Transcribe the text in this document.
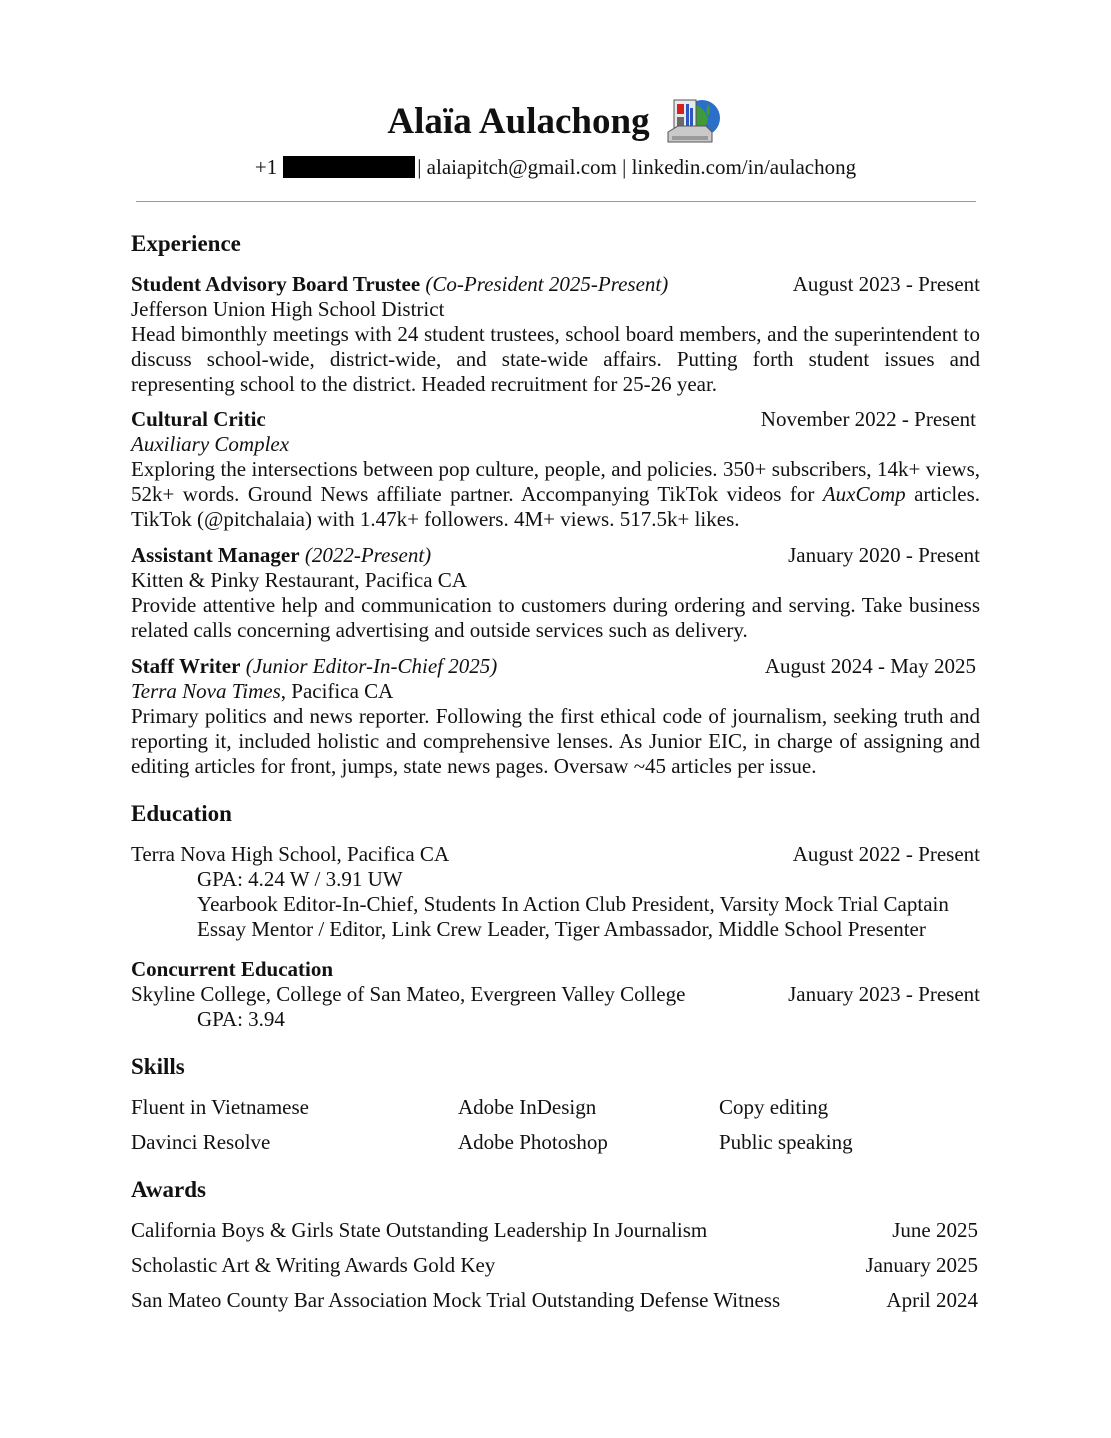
Alaïa Aulachong
+1	| alaiapitch@gmail.com | linkedin.com/in/aulachong
Experience
Student Advisory Board Trustee (Co-President 2025-Present)	August 2023 - Present
Jefferson Union High School District
Head bimonthly meetings with 24 student trustees, school board members, and the superintendent to discuss school-wide, district-wide, and state-wide affairs. Putting forth student issues and representing school to the district. Headed recruitment for 25-26 year.
Cultural Critic	November 2022 - Present
Auxiliary Complex
Exploring the intersections between pop culture, people, and policies. 350+ subscribers, 14k+ views, 52k+ words. Ground News affiliate partner. Accompanying TikTok videos for AuxComp articles. TikTok (@pitchalaia) with 1.47k+ followers. 4M+ views. 517.5k+ likes.
Assistant Manager (2022-Present)	January 2020 - Present
Kitten & Pinky Restaurant, Pacifica CA
Provide attentive help and communication to customers during ordering and serving. Take business related calls concerning advertising and outside services such as delivery.
Staff Writer (Junior Editor-In-Chief 2025)	August 2024 - May 2025
Terra Nova Times, Pacifica CA
Primary politics and news reporter. Following the first ethical code of journalism, seeking truth and reporting it, included holistic and comprehensive lenses. As Junior EIC, in charge of assigning and editing articles for front, jumps, state news pages. Oversaw ~45 articles per issue.
Education
Terra Nova High School, Pacifica CA	August 2022 - Present
GPA: 4.24 W / 3.91 UW
Yearbook Editor-In-Chief, Students In Action Club President, Varsity Mock Trial Captain
Essay Mentor / Editor, Link Crew Leader, Tiger Ambassador, Middle School Presenter
Concurrent Education
Skyline College, College of San Mateo, Evergreen Valley College	January 2023 - Present
GPA: 3.94
Skills
Fluent in Vietnamese	Adobe InDesign	Copy editing
Davinci Resolve	Adobe Photoshop	Public speaking
Awards
California Boys & Girls State Outstanding Leadership In Journalism	June 2025
Scholastic Art & Writing Awards Gold Key	January 2025
San Mateo County Bar Association Mock Trial Outstanding Defense Witness	April 2024
